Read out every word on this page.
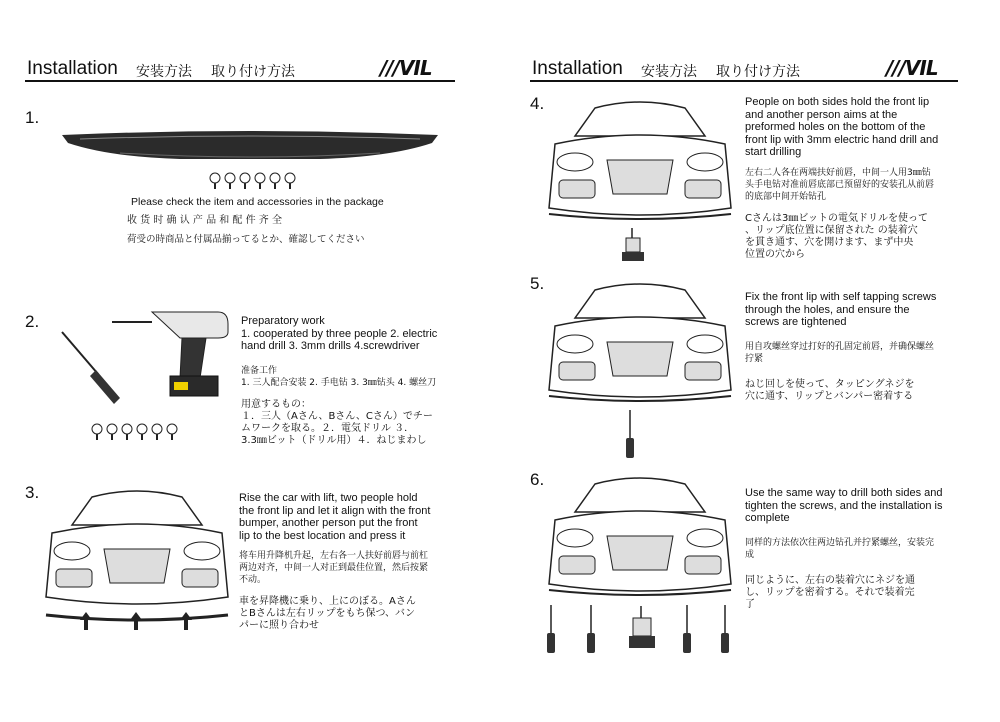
Installation 安装方法 取り付け方法	///VIL	Installation 安装方法 取り付け方法	///VIL
1.
Please check the item and accessories in the package
收 货 时 确 认 产 品 和 配 件 齐 全
荷受の時商品と付属品揃ってるとか、確認してください
2.	Preparatory work

1. cooperated by three people 2. electric

hand drill 3. 3mm drills 4.screwdriver

准备工作

1. 三人配合安装 2. 手电钻 3. 3㎜钻头 4. 螺丝刀

用意するもの：

１．三人（Aさん、Bさん、Cさん）でチー

ムワークを取る。２．電気ドリル ３．

3.3㎜ビット（ドリル用）４．ねじまわし

3.	Rise the car with lift, two people hold

the front lip and let it align with the front

bumper, another person put the front

lip to the best location and press it

将车用升降机升起，左右各一人扶好前唇与前杠

两边对齐，中间一人对正到最佳位置，然后按紧

不动。

車を昇降機に乗り、上にのぼる。Aさん

とBさんは左右リップをもち保つ、バン

パーに照り合わせ

4.	People on both sides hold the front lip

and another person aims at the

preformed holes on the bottom of the

front lip with 3mm electric hand drill and

start drilling

左右二人各在两端扶好前唇，中间一人用3㎜钻

头手电钻对准前唇底部已预留好的安装孔从前唇

的底部中间开始钻孔

Cさんは3㎜ビットの電気ドリルを使って

、リップ底位置に保留された の装着穴

を貫き通す、穴を開けます、まず中央

位置の穴から

5.

Fix the front lip with self tapping screws

through the holes, and ensure the

screws are tightened

用自攻螺丝穿过打好的孔固定前唇，并确保螺丝

拧紧

ねじ回しを使って、タッピングネジを

穴に通す、リップとバンパー密着する

6.

Use the same way to drill both sides and

tighten the screws, and the installation is

complete

同样的方法依次往两边钻孔并拧紧螺丝，安装完

成

同じように、左右の装着穴にネジを通

し、リップを密着する。それで装着完

了
